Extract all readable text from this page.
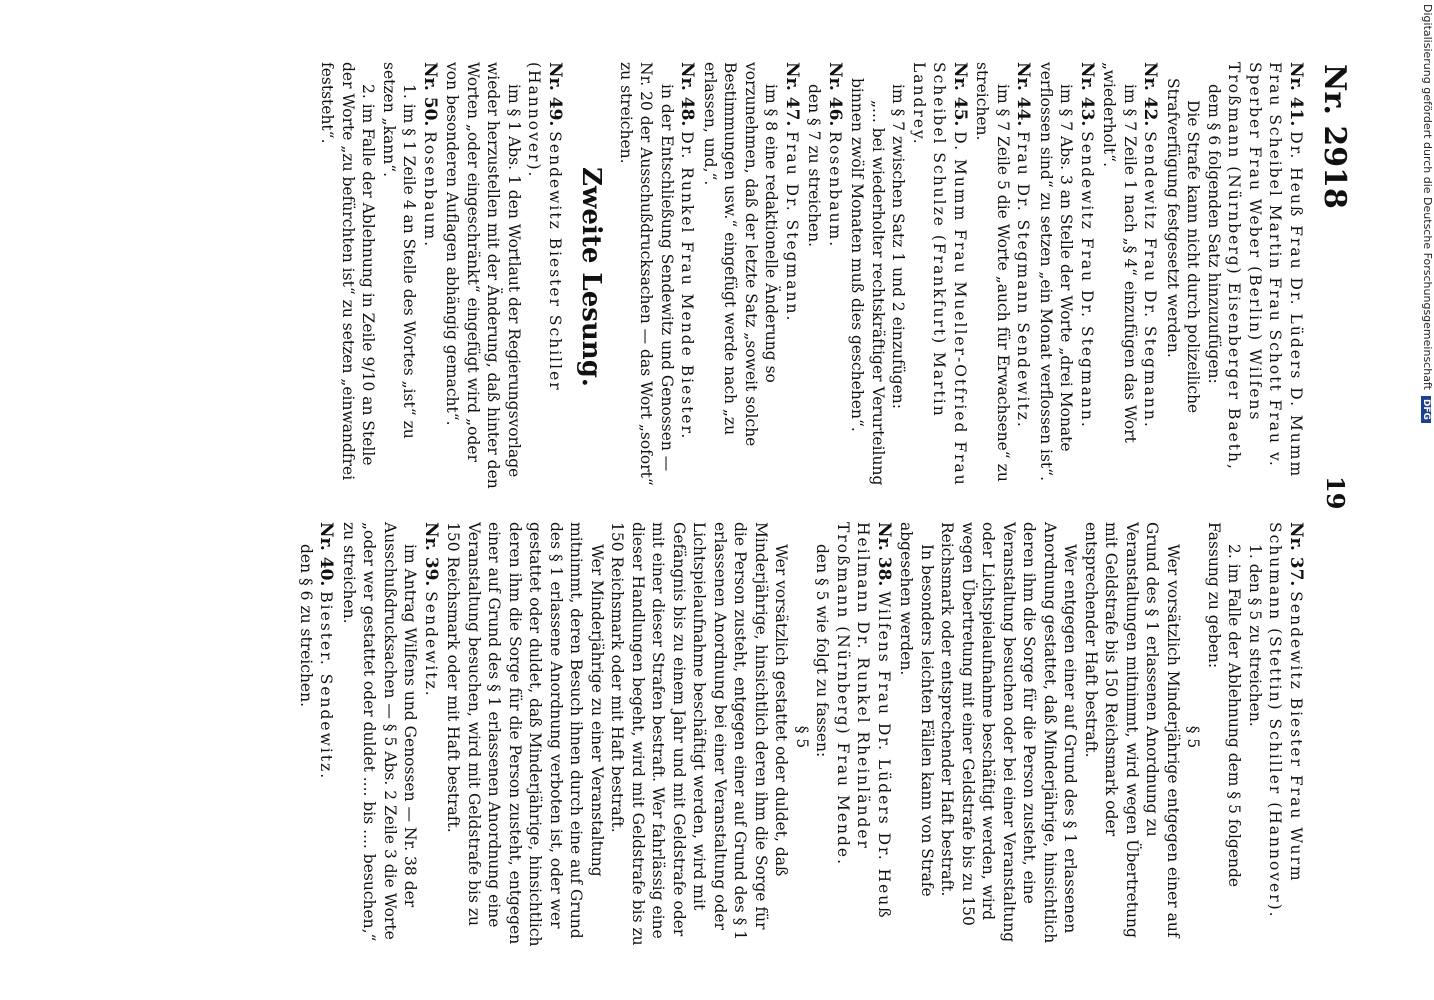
Nr. 2918
19

Nr. 41. Dr. Heuß Frau Dr. Lüders D. Mumm Frau Scheibel Martin Frau Schott Frau v. Sperber Frau Weber (Berlin) Wilfens Troßmann (Nürnberg) Eisenberger Baeth,

dem § 6 folgenden Satz hinzuzufügen:

Die Strafe kann nicht durch polizeiliche Strafverfügung festgesetzt werden.

Nr. 42. Sendewitz Frau Dr. Stegmann.

im § 7 Zeile 1 nach „§ 4“ einzufügen das Wort „wiederholt“.

Nr. 43. Sendewitz Frau Dr. Stegmann.

im § 7 Abs. 3 an Stelle der Worte „drei Monate verflossen sind“ zu setzen „ein Monat verflossen ist“.

Nr. 44. Frau Dr. Stegmann Sendewitz.

im § 7 Zeile 5 die Worte „auch für Erwachsene“ zu streichen.

Nr. 45. D. Mumm Frau Mueller-Otfried Frau Scheibel Schulze (Frankfurt) Martin Landrey.

im § 7 zwischen Satz 1 und 2 einzufügen:

„... bei wiederholter rechtskräftiger Verurteilung binnen zwölf Monaten muß dies geschehen“.

Nr. 46. Rosenbaum.

den § 7 zu streichen.

Nr. 47. Frau Dr. Stegmann.

im § 8 eine redaktionelle Änderung so vorzunehmen, daß der letzte Satz „soweit solche Bestimmungen usw.“ eingefügt werde nach „zu erlassen, und,“.

Nr. 48. Dr. Runkel Frau Mende Biester.

in der Entschließung Sendewitz und Genossen — Nr. 20 der Ausschußdrucksachen — das Wort „sofort“ zu streichen.

Zweite Lesung.

Nr. 49. Sendewitz Biester Schiller (Hannover).

im § 1 Abs. 1 den Wortlaut der Regierungsvorlage wieder herzustellen mit der Änderung, daß hinter den Worten „oder eingeschränkt“ eingefügt wird „oder von besonderen Auflagen abhängig gemacht“.

Nr. 50. Rosenbaum.

1. im § 1 Zeile 4 an Stelle des Wortes „ist“ zu setzen „kann“.

2. im Falle der Ablehnung in Zeile 9/10 an Stelle der Worte „zu befürchten ist“ zu setzen „einwandfrei feststeht“.

Nr. 37. Sendewitz Biester Frau Wurm Schumann (Stettin) Schiller (Hannover).

1. den § 5 zu streichen.

2. im Falle der Ablehnung dem § 5 folgende Fassung zu geben:

§ 5

Wer vorsätzlich Minderjährige entgegen einer auf Grund des § 1 erlassenen Anordnung zu Veranstaltungen mitnimmt, wird wegen Übertretung mit Geldstrafe bis 150 Reichsmark oder entsprechender Haft bestraft.

Wer entgegen einer auf Grund des § 1 erlassenen Anordnung gestattet, daß Minderjährige, hinsichtlich deren ihm die Sorge für die Person zusteht, eine Veranstaltung besuchen oder bei einer Veranstaltung oder Lichtspielaufnahme beschäftigt werden, wird wegen Übertretung mit einer Geldstrafe bis zu 150 Reichsmark oder entsprechender Haft bestraft.

In besonders leichten Fällen kann von Strafe abgesehen werden.

Nr. 38. Wilfens Frau Dr. Lüders Dr. Heuß Heilmann Dr. Runkel Rheinländer Troßmann (Nürnberg) Frau Mende.

den § 5 wie folgt zu fassen:

§ 5

Wer vorsätzlich gestattet oder duldet, daß Minderjährige, hinsichtlich deren ihm die Sorge für die Person zusteht, entgegen einer auf Grund des § 1 erlassenen Anordnung bei einer Veranstaltung oder Lichtspielaufnahme beschäftigt werden, wird mit Gefängnis bis zu einem Jahr und mit Geldstrafe oder mit einer dieser Strafen bestraft. Wer fahrlässig eine dieser Handlungen begeht, wird mit Geldstrafe bis zu 150 Reichsmark oder mit Haft bestraft.

Wer Minderjährige zu einer Veranstaltung mitnimmt, deren Besuch ihnen durch eine auf Grund des § 1 erlassene Anordnung verboten ist, oder wer gestattet oder duldet, daß Minderjährige, hinsichtlich deren ihm die Sorge für die Person zusteht, entgegen einer auf Grund des § 1 erlassenen Anordnung eine Veranstaltung besuchen, wird mit Geldstrafe bis zu 150 Reichsmark oder mit Haft bestraft.

Nr. 39. Sendewitz.

im Antrag Wilfens und Genossen — Nr. 38 der Ausschußdrucksachen — § 5 Abs. 2 Zeile 3 die Worte „oder wer gestattet oder duldet .... bis .... besuchen,“ zu streichen.

Nr. 40. Biester. Sendewitz.

den § 6 zu streichen.

Digitalisierung gefördert durch die Deutsche ForschungsgemeinschaftDFG
